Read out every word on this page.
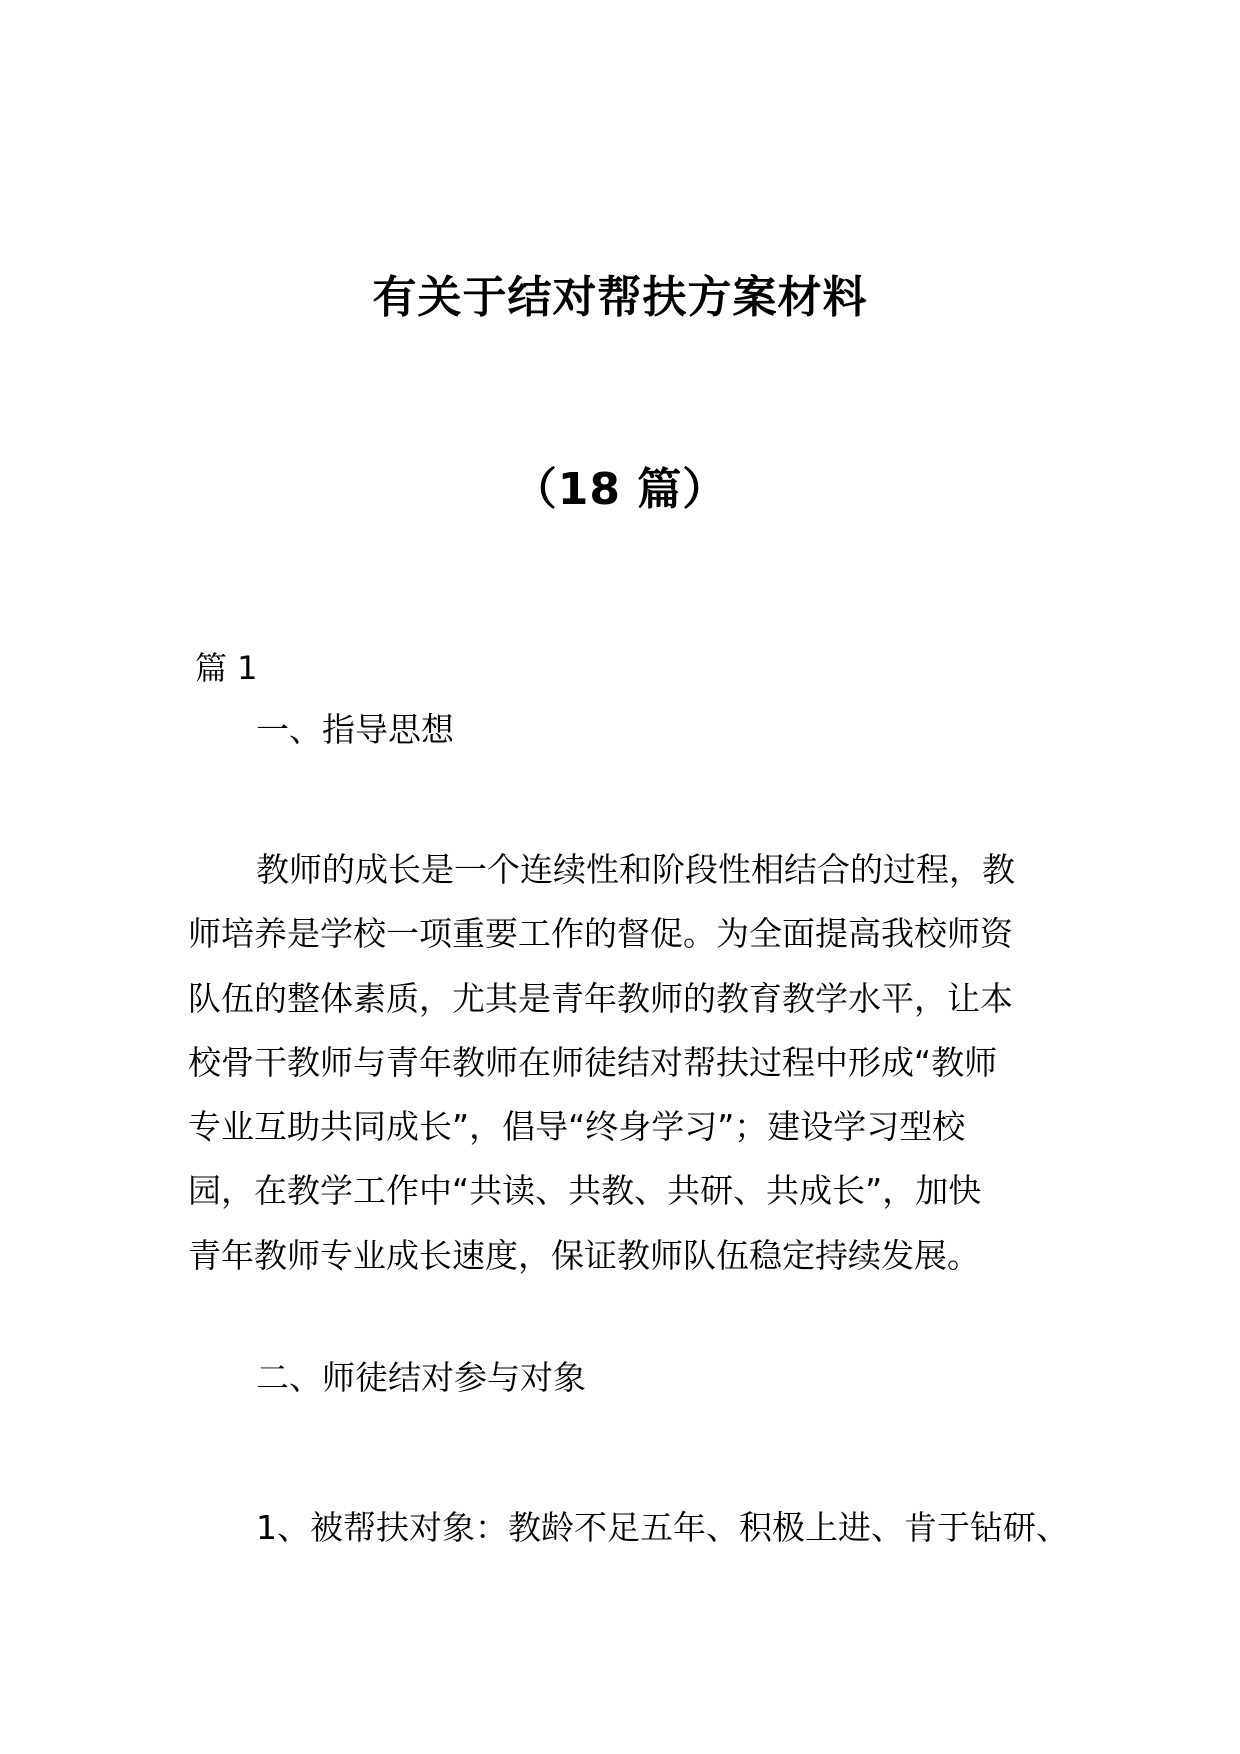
有关于结对帮扶方案材料
（18 篇）
篇 1
一、指导思想
教师的成长是一个连续性和阶段性相结合的过程，教
师培养是学校一项重要工作的督促。为全面提高我校师资
队伍的整体素质，尤其是青年教师的教育教学水平，让本
校骨干教师与青年教师在师徒结对帮扶过程中形成“教师
专业互助共同成长”，倡导“终身学习”；建设学习型校
园，在教学工作中“共读、共教、共研、共成长”，加快
青年教师专业成长速度，保证教师队伍稳定持续发展。
二、师徒结对参与对象
1、被帮扶对象：教龄不足五年、积极上进、肯于钻研、
